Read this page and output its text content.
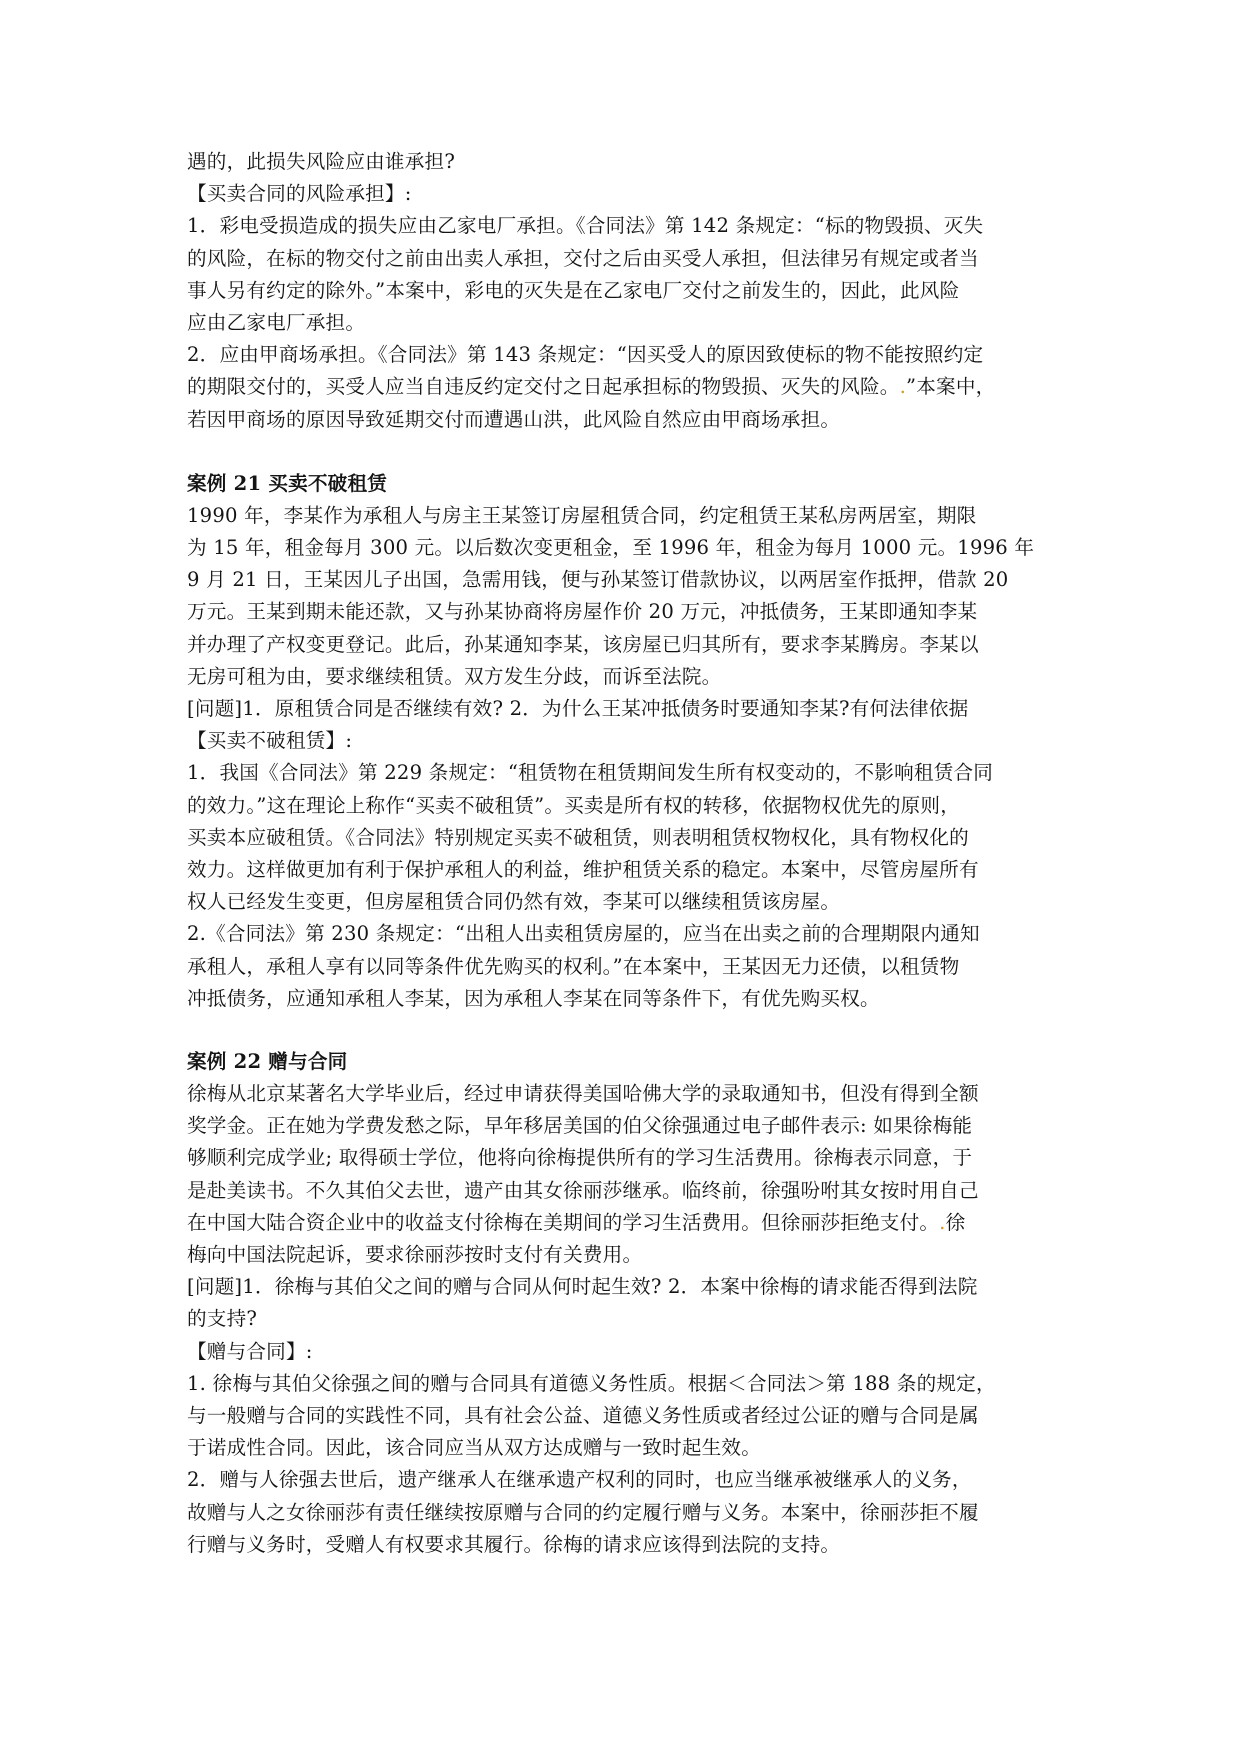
遇的，此损失风险应由谁承担?
【买卖合同的风险承担】:
1．彩电受损造成的损失应由乙家电厂承担。《合同法》第 142 条规定：“标的物毁损、灭失
的风险，在标的物交付之前由出卖人承担，交付之后由买受人承担，但法律另有规定或者当
事人另有约定的除外。”本案中，彩电的灭失是在乙家电厂交付之前发生的，因此，此风险
应由乙家电厂承担。
2．应由甲商场承担。《合同法》第 143 条规定：“因买受人的原因致使标的物不能按照约定
的期限交付的，买受人应当自违反约定交付之日起承担标的物毁损、灭失的风险。.”本案中，
若因甲商场的原因导致延期交付而遭遇山洪，此风险自然应由甲商场承担。
案例 21 买卖不破租赁
1990 年，李某作为承租人与房主王某签订房屋租赁合同，约定租赁王某私房两居室，期限
为 15 年，租金每月 300 元。以后数次变更租金，至 1996 年，租金为每月 1000 元。1996 年
9 月 21 日，王某因儿子出国，急需用钱，便与孙某签订借款协议，以两居室作抵押，借款 20
万元。王某到期未能还款，又与孙某协商将房屋作价 20 万元，冲抵债务，王某即通知李某
并办理了产权变更登记。此后，孙某通知李某，该房屋已归其所有，要求李某腾房。李某以
无房可租为由，要求继续租赁。双方发生分歧，而诉至法院。
[问题]1．原租赁合同是否继续有效? 2．为什么王某冲抵债务时要通知李某?有何法律依据
【买卖不破租赁】:
1．我国《合同法》第 229 条规定：“租赁物在租赁期间发生所有权变动的，不影响租赁合同
的效力。”这在理论上称作“买卖不破租赁”。买卖是所有权的转移，依据物权优先的原则，
买卖本应破租赁。《合同法》特别规定买卖不破租赁，则表明租赁权物权化，具有物权化的
效力。这样做更加有利于保护承租人的利益，维护租赁关系的稳定。本案中，尽管房屋所有
权人已经发生变更，但房屋租赁合同仍然有效，李某可以继续租赁该房屋。
2.《合同法》第 230 条规定：“出租人出卖租赁房屋的，应当在出卖之前的合理期限内通知
承租人，承租人享有以同等条件优先购买的权利。”在本案中，王某因无力还债，以租赁物
冲抵债务，应通知承租人李某，因为承租人李某在同等条件下，有优先购买权。
案例 22 赠与合同
徐梅从北京某著名大学毕业后，经过申请获得美国哈佛大学的录取通知书，但没有得到全额
奖学金。正在她为学费发愁之际，早年移居美国的伯父徐强通过电子邮件表示: 如果徐梅能
够顺利完成学业; 取得硕士学位，他将向徐梅提供所有的学习生活费用。徐梅表示同意，于
是赴美读书。不久其伯父去世，遗产由其女徐丽莎继承。临终前，徐强吩咐其女按时用自己
在中国大陆合资企业中的收益支付徐梅在美期间的学习生活费用。但徐丽莎拒绝支付。.徐
梅向中国法院起诉，要求徐丽莎按时支付有关费用。
[问题]1．徐梅与其伯父之间的赠与合同从何时起生效? 2．本案中徐梅的请求能否得到法院
的支持?
【赠与合同】:
1. 徐梅与其伯父徐强之间的赠与合同具有道德义务性质。根据＜合同法＞第 188 条的规定，
与一般赠与合同的实践性不同，具有社会公益、道德义务性质或者经过公证的赠与合同是属
于诺成性合同。因此，该合同应当从双方达成赠与一致时起生效。
2．赠与人徐强去世后，遗产继承人在继承遗产权利的同时，也应当继承被继承人的义务，
故赠与人之女徐丽莎有责任继续按原赠与合同的约定履行赠与义务。本案中，徐丽莎拒不履
行赠与义务时，受赠人有权要求其履行。徐梅的请求应该得到法院的支持。
